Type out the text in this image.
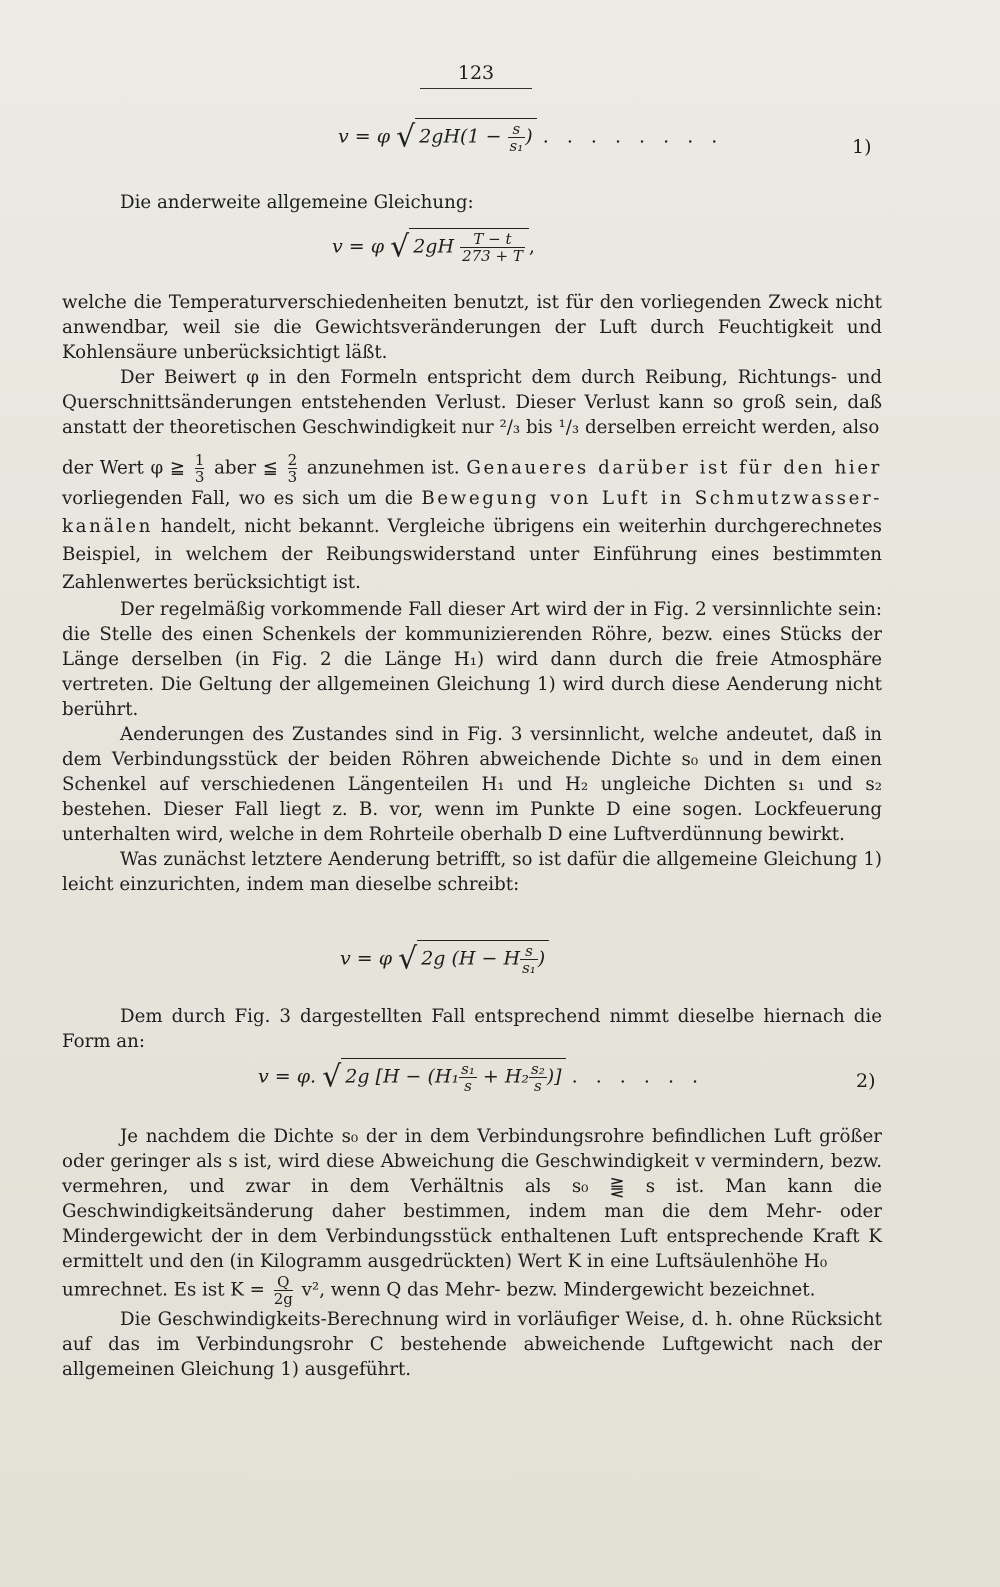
123
v = φ √ $2gH(1 - \frac{s}{\text{s₁}}$ ) . . . . . . . .	1)

Die anderweite allgemeine Gleichung:

v = φ √ $2gH \frac{T - t}{273 + T}$ ,

welche die Temperaturverschiedenheiten benutzt, ist für den vorliegenden Zweck nicht anwendbar, weil sie die Gewichtsveränderungen der Luft durch Feuchtigkeit und Kohlensäure unberücksichtigt läßt.

Der Beiwert φ in den Formeln entspricht dem durch Reibung, Richtungs- und Querschnittsänderungen entstehenden Verlust. Dieser Verlust kann so groß sein, daß anstatt der theoretischen Geschwindigkeit nur ²/₃ bis ¹/₃ derselben erreicht werden, also

der Wert φ ≧ $\frac{1}{3}$ aber ≦ $\frac{2}{3}$ anzunehmen ist. Genaueres darüber ist für den hier vorliegenden Fall, wo es sich um die Bewegung von Luft in Schmutzwasser-kanälen handelt, nicht bekannt. Vergleiche übrigens ein weiterhin durchgerechnetes Beispiel, in welchem der Reibungswiderstand unter Einführung eines bestimmten Zahlenwertes berücksichtigt ist.

Der regelmäßig vorkommende Fall dieser Art wird der in Fig. 2 versinnlichte sein: die Stelle des einen Schenkels der kommunizierenden Röhre, bezw. eines Stücks der Länge derselben (in Fig. 2 die Länge H₁) wird dann durch die freie Atmosphäre vertreten. Die Geltung der allgemeinen Gleichung 1) wird durch diese Aenderung nicht berührt.

Aenderungen des Zustandes sind in Fig. 3 versinnlicht, welche andeutet, daß in dem Verbindungsstück der beiden Röhren abweichende Dichte s₀ und in dem einen Schenkel auf verschiedenen Längenteilen H₁ und H₂ ungleiche Dichten s₁ und s₂ bestehen. Dieser Fall liegt z. B. vor, wenn im Punkte D eine sogen. Lockfeuerung unterhalten wird, welche in dem Rohrteile oberhalb D eine Luftverdünnung bewirkt.

Was zunächst letztere Aenderung betrifft, so ist dafür die allgemeine Gleichung 1) leicht einzurichten, indem man dieselbe schreibt:

v = φ √ 2g (H − H $\frac{s}{\text{s₁}}$ )

Dem durch Fig. 3 dargestellten Fall entsprechend nimmt dieselbe hiernach die Form an:

v = φ. √ 2g [$H - (H_1 \frac{\text{s₁}}{s} + H_2 \frac{\text{s₂}}{s}$ )] . . . . . .	2)

Je nachdem die Dichte s₀ der in dem Verbindungsrohre befindlichen Luft größer oder geringer als s ist, wird diese Abweichung die Geschwindigkeit v vermindern, bezw. vermehren, und zwar in dem Verhältnis als s₀ ⪌ s ist. Man kann die Geschwindigkeitsänderung daher bestimmen, indem man die dem Mehr- oder Mindergewicht der in dem Verbindungsstück enthaltenen Luft entsprechende Kraft K ermittelt und den (in Kilogramm ausgedrückten) Wert K in eine Luftsäulenhöhe H₀

umrechnet. Es ist $K = \frac{Q}{2g} v^2$, wenn Q das Mehr- bezw. Mindergewicht bezeichnet.

Die Geschwindigkeits-Berechnung wird in vorläufiger Weise, d. h. ohne Rücksicht auf das im Verbindungsrohr C bestehende abweichende Luftgewicht nach der allgemeinen Gleichung 1) ausgeführt.
